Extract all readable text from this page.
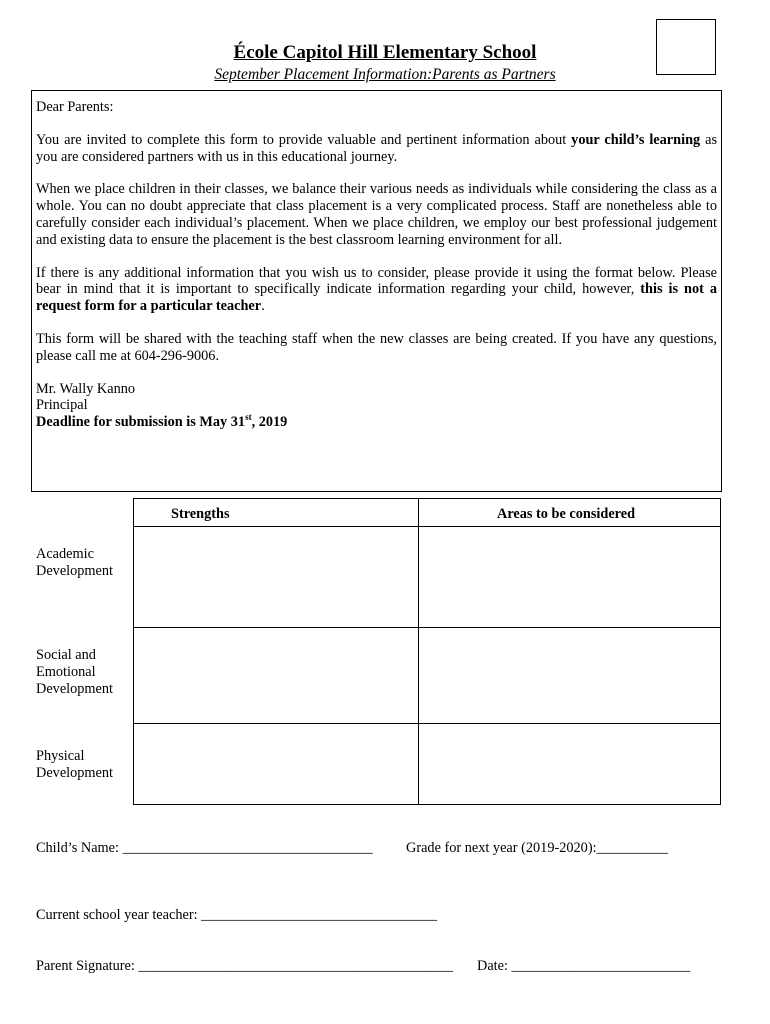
École Capitol Hill Elementary School
September Placement Information:Parents as Partners

Dear Parents:

You are invited to complete this form to provide valuable and pertinent information about your child’s learning as you are considered partners with us in this educational journey.

When we place children in their classes, we balance their various needs as individuals while considering the class as a whole. You can no doubt appreciate that class placement is a very complicated process. Staff are nonetheless able to carefully consider each individual’s placement. When we place children, we employ our best professional judgement and existing data to ensure the placement is the best classroom learning environment for all.

If there is any additional information that you wish us to consider, please provide it using the format below. Please bear in mind that it is important to specifically indicate information regarding your child, however, this is not a request form for a particular teacher.

This form will be shared with the teaching staff when the new classes are being created. If you have any questions, please call me at 604-296-9006.

Mr. Wally Kanno
Principal
Deadline for submission is May 31st, 2019
Strengths	Areas to be considered
Academic Development
Social and Emotional Development
Physical Development
Child’s Name: ___________________________________ Grade for next year (2019-2020):__________
Current school year teacher: _________________________________
Parent Signature: ____________________________________________ Date: _________________________
